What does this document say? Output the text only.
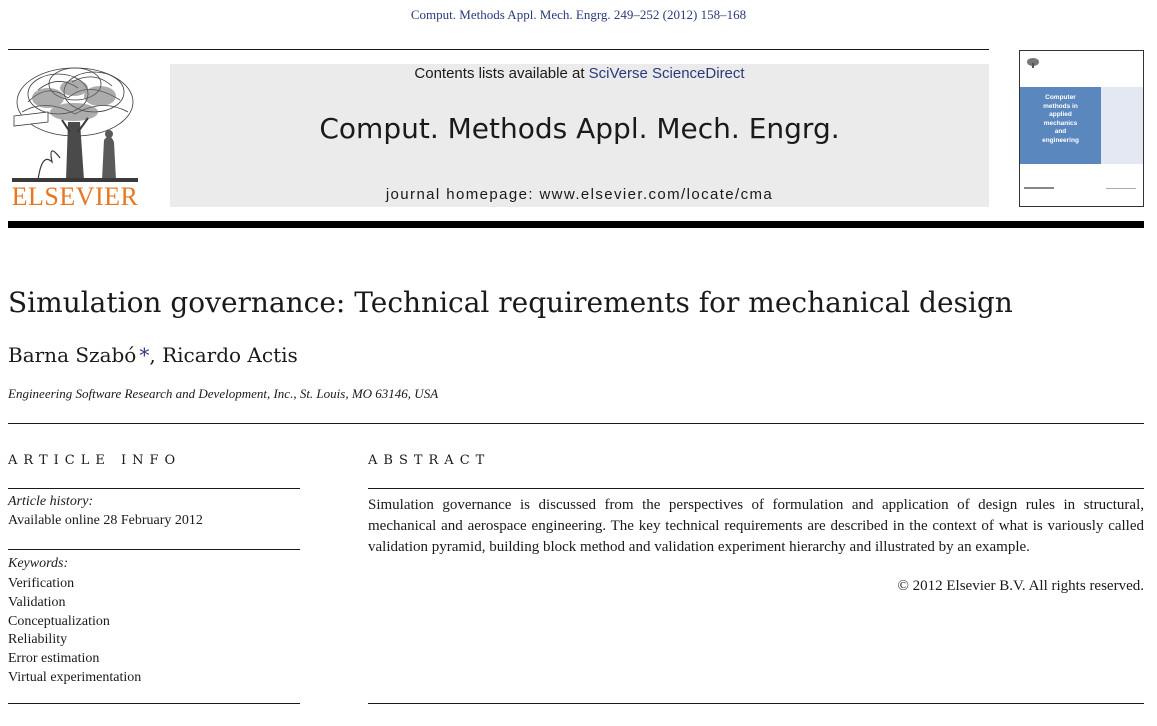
Comput. Methods Appl. Mech. Engrg. 249–252 (2012) 158–168
ELSEVIER
Contents lists available at SciVerse ScienceDirect
Comput. Methods Appl. Mech. Engrg.
journal homepage: www.elsevier.com/locate/cma
Computer
methods in
applied
mechanics
and
engineering
Simulation governance: Technical requirements for mechanical design
Barna Szabó *, Ricardo Actis
Engineering Software Research and Development, Inc., St. Louis, MO 63146, USA
ARTICLE INFO
Article history:
Available online 28 February 2012
Keywords:
Verification
Validation
Conceptualization
Reliability
Error estimation
Virtual experimentation
ABSTRACT

Simulation governance is discussed from the perspectives of formulation and application of design rules in structural, mechanical and aerospace engineering. The key technical requirements are described in the context of what is variously called validation pyramid, building block method and validation experiment hierarchy and illustrated by an example.

© 2012 Elsevier B.V. All rights reserved.
